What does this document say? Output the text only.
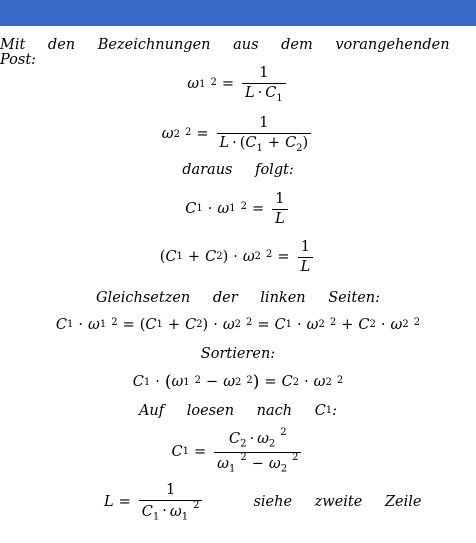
Mit den Bezeichnungen aus dem vorangehenden Post:
ω 1 $^2 = \frac{1}{L \cdot C_1}$
ω 2 $^2 = \frac{1}{L \cdot (C_1 + C_2)}$
daraus folgt:
C 1 · ω 1 $^2 = \frac{1}{L}$
( C 1 + C 2 ) · ω 2 $^2 = \frac{1}{L}$
Gleichsetzen der linken Seiten:
C 1 · ω 1 $^2$ = ( C 1 + C 2 ) · ω 2 $^2$ = C 1 · ω 2 $^2$ + C 2 · ω 2 $^2$
Sortieren:
C 1 · ( ω 1 $^2$ − ω 2 $^2$ ) = C 2 · ω 2 $^2$
Auf loesen nach C 1 :
C $1 = \frac{C_2 \cdot \omega_2^2}{\omega_1^2 - \omega_2^2}$
$L = \frac{1}{C_1 \cdot \omega_1^2}$	siehe zweite Zeile
